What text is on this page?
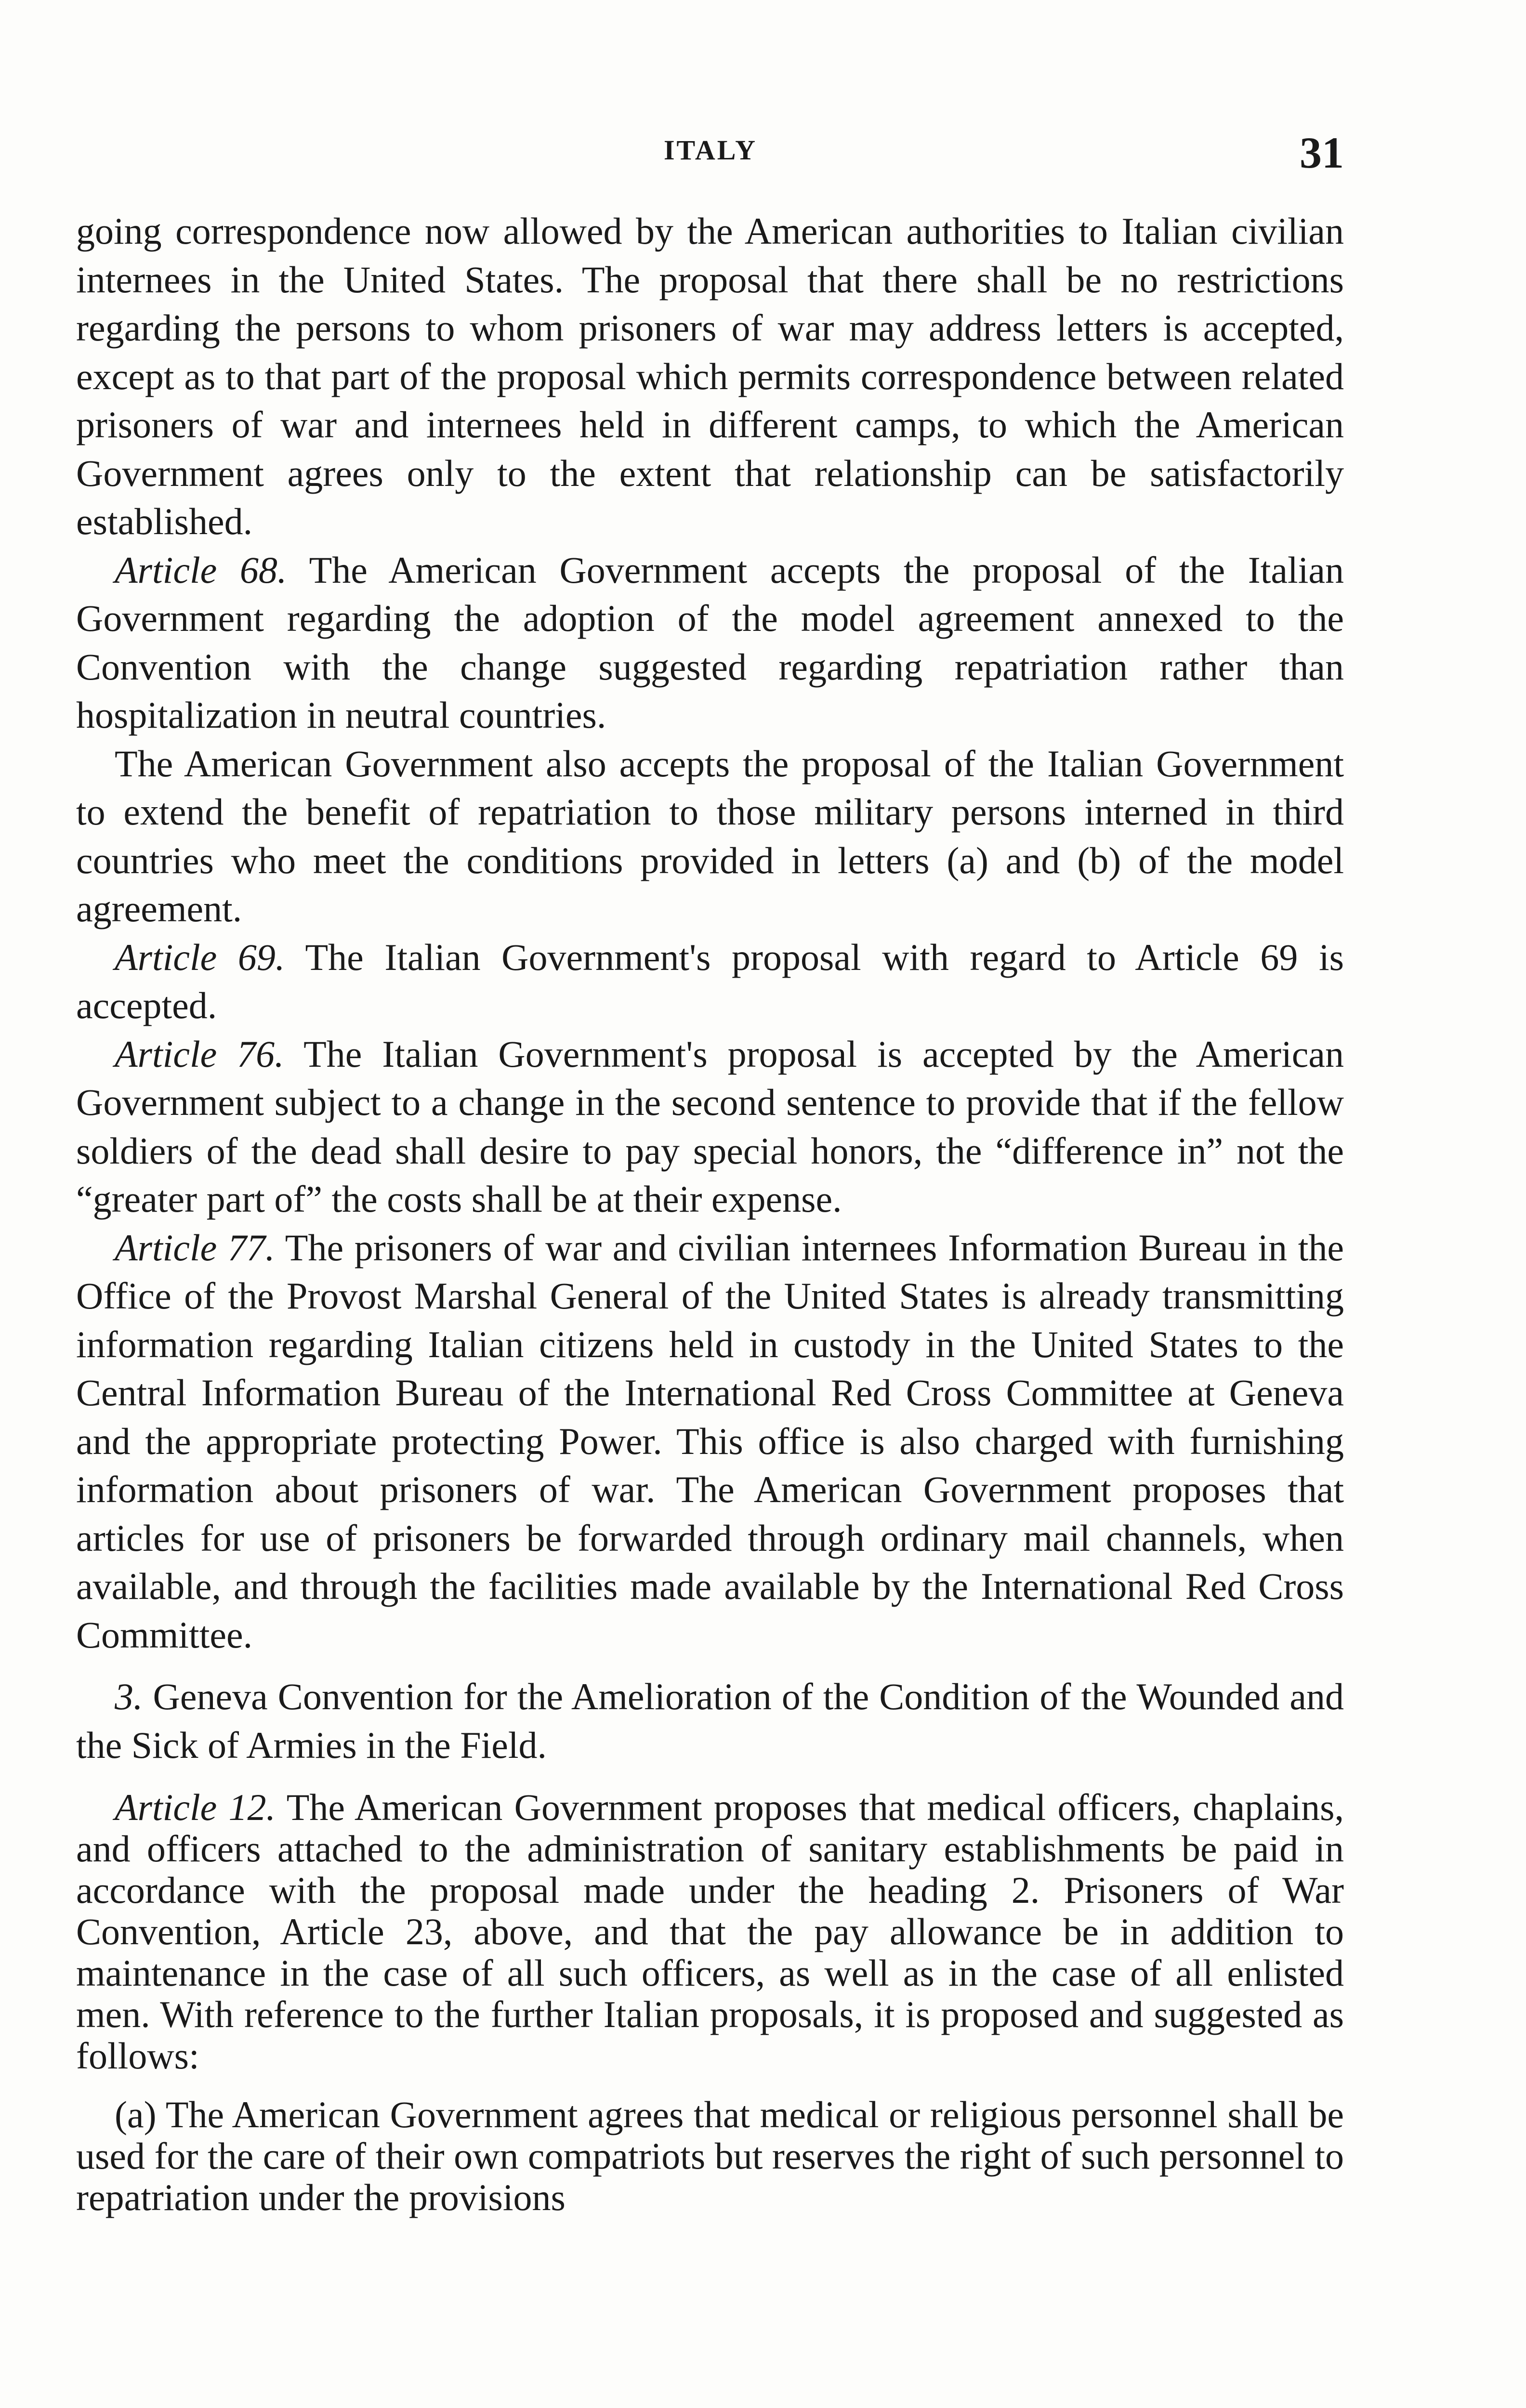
ITALY	31

going correspondence now allowed by the American authorities to Italian civilian internees in the United States. The proposal that there shall be no restrictions regarding the persons to whom prisoners of war may address letters is accepted, except as to that part of the proposal which permits correspondence between related prisoners of war and internees held in different camps, to which the American Government agrees only to the extent that relationship can be satisfactorily established.

Article 68. The American Government accepts the proposal of the Italian Government regarding the adoption of the model agreement annexed to the Convention with the change suggested regarding repatriation rather than hospitalization in neutral countries.

The American Government also accepts the proposal of the Italian Government to extend the benefit of repatriation to those military persons interned in third countries who meet the conditions provided in letters (a) and (b) of the model agreement.

Article 69. The Italian Government's proposal with regard to Article 69 is accepted.

Article 76. The Italian Government's proposal is accepted by the American Government subject to a change in the second sentence to provide that if the fellow soldiers of the dead shall desire to pay special honors, the “difference in” not the “greater part of” the costs shall be at their expense.

Article 77. The prisoners of war and civilian internees Information Bureau in the Office of the Provost Marshal General of the United States is already transmitting information regarding Italian citizens held in custody in the United States to the Central Information Bureau of the International Red Cross Committee at Geneva and the appropriate protecting Power. This office is also charged with furnishing information about prisoners of war. The American Government proposes that articles for use of prisoners be forwarded through ordinary mail channels, when available, and through the facilities made available by the International Red Cross Committee.

3. Geneva Convention for the Amelioration of the Condition of the Wounded and the Sick of Armies in the Field.

Article 12. The American Government proposes that medical officers, chaplains, and officers attached to the administration of sanitary establishments be paid in accordance with the proposal made under the heading 2. Prisoners of War Convention, Article 23, above, and that the pay allowance be in addition to maintenance in the case of all such officers, as well as in the case of all enlisted men. With reference to the further Italian proposals, it is proposed and suggested as follows:

(a) The American Government agrees that medical or religious personnel shall be used for the care of their own compatriots but reserves the right of such personnel to repatriation under the provisions
